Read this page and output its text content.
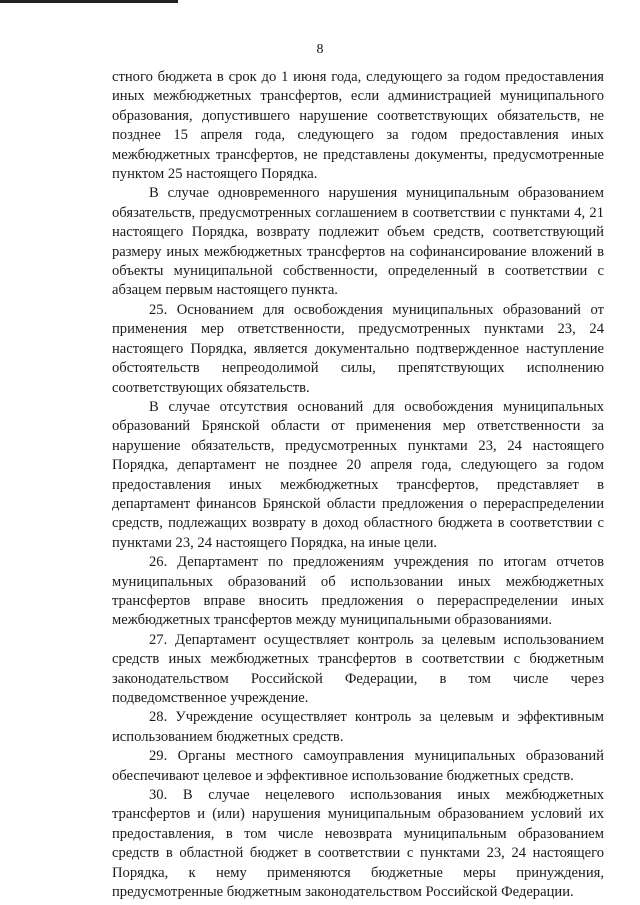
8

стного бюджета в срок до 1 июня года, следующего за годом предоставления иных межбюджетных трансфертов, если администрацией муниципального образования, допустившего нарушение соответствующих обязательств, не позднее 15 апреля года, следующего за годом предоставления иных межбюджетных трансфертов, не представлены документы, предусмотренные пунктом 25 настоящего Порядка.

В случае одновременного нарушения муниципальным образованием обязательств, предусмотренных соглашением в соответствии с пунктами 4, 21 настоящего Порядка, возврату подлежит объем средств, соответствующий размеру иных межбюджетных трансфертов на софинансирование вложений в объекты муниципальной собственности, определенный в соответствии с абзацем первым настоящего пункта.

25. Основанием для освобождения муниципальных образований от применения мер ответственности, предусмотренных пунктами 23, 24 настоящего Порядка, является документально подтвержденное наступление обстоятельств непреодолимой силы, препятствующих исполнению соответствующих обязательств.

В случае отсутствия оснований для освобождения муниципальных образований Брянской области от применения мер ответственности за нарушение обязательств, предусмотренных пунктами 23, 24 настоящего Порядка, департамент не позднее 20 апреля года, следующего за годом предоставления иных межбюджетных трансфертов, представляет в департамент финансов Брянской области предложения о перераспределении средств, подлежащих возврату в доход областного бюджета в соответствии с пунктами 23, 24 настоящего Порядка, на иные цели.

26. Департамент по предложениям учреждения по итогам отчетов муниципальных образований об использовании иных межбюджетных трансфертов вправе вносить предложения о перераспределении иных межбюджетных трансфертов между муниципальными образованиями.

27. Департамент осуществляет контроль за целевым использованием средств иных межбюджетных трансфертов в соответствии с бюджетным законодательством Российской Федерации, в том числе через подведомственное учреждение.

28. Учреждение осуществляет контроль за целевым и эффективным использованием бюджетных средств.

29. Органы местного самоуправления муниципальных образований обеспечивают целевое и эффективное использование бюджетных средств.

30. В случае нецелевого использования иных межбюджетных трансфертов и (или) нарушения муниципальным образованием условий их предоставления, в том числе невозврата муниципальным образованием средств в областной бюджет в соответствии с пунктами 23, 24 настоящего Порядка, к нему применяются бюджетные меры принуждения, предусмотренные бюджетным законодательством Российской Федерации.
